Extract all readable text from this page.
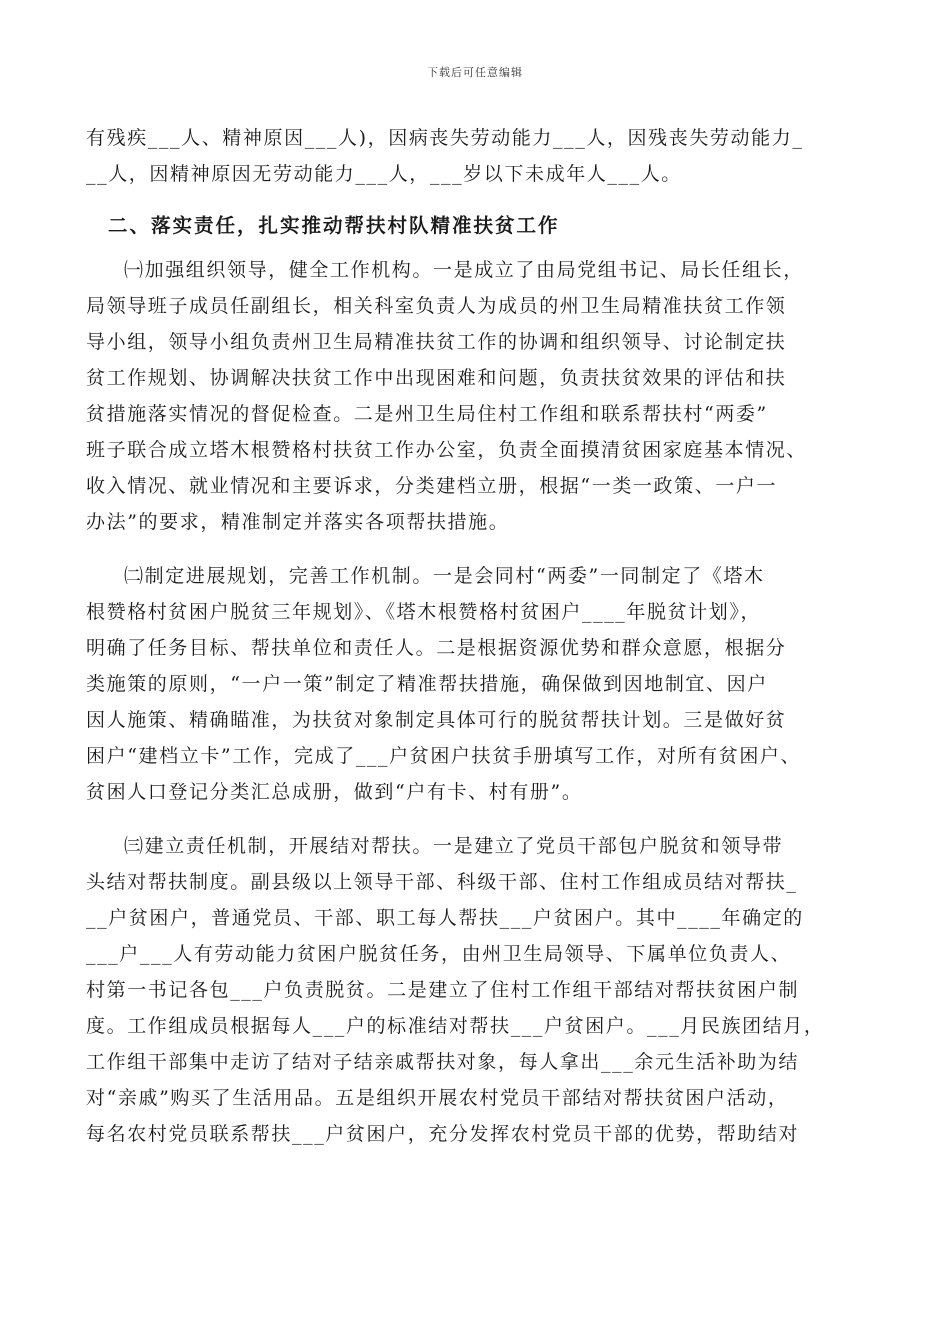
下载后可任意编辑
有残疾___人、精神原因___人)，因病丧失劳动能力___人，因残丧失劳动能力_
__人，因精神原因无劳动能力___人，___岁以下未成年人___人。
二、落实责任，扎实推动帮扶村队精准扶贫工作
㈠加强组织领导，健全工作机构。一是成立了由局党组书记、局长任组长，
局领导班子成员任副组长，相关科室负责人为成员的州卫生局精准扶贫工作领
导小组，领导小组负责州卫生局精准扶贫工作的协调和组织领导、讨论制定扶
贫工作规划、协调解决扶贫工作中出现困难和问题，负责扶贫效果的评估和扶
贫措施落实情况的督促检查。二是州卫生局住村工作组和联系帮扶村“两委”
班子联合成立塔木根赞格村扶贫工作办公室，负责全面摸清贫困家庭基本情况、
收入情况、就业情况和主要诉求，分类建档立册，根据“一类一政策、一户一
办法”的要求，精准制定并落实各项帮扶措施。
㈡制定进展规划，完善工作机制。一是会同村“两委”一同制定了《塔木
根赞格村贫困户脱贫三年规划》、《塔木根赞格村贫困户____年脱贫计划》，
明确了任务目标、帮扶单位和责任人。二是根据资源优势和群众意愿，根据分
类施策的原则，“一户一策”制定了精准帮扶措施，确保做到因地制宜、因户
因人施策、精确瞄准，为扶贫对象制定具体可行的脱贫帮扶计划。三是做好贫
困户“建档立卡”工作，完成了___户贫困户扶贫手册填写工作，对所有贫困户、
贫困人口登记分类汇总成册，做到“户有卡、村有册”。
㈢建立责任机制，开展结对帮扶。一是建立了党员干部包户脱贫和领导带
头结对帮扶制度。副县级以上领导干部、科级干部、住村工作组成员结对帮扶_
__户贫困户，普通党员、干部、职工每人帮扶___户贫困户。其中____年确定的
___户___人有劳动能力贫困户脱贫任务，由州卫生局领导、下属单位负责人、
村第一书记各包___户负责脱贫。二是建立了住村工作组干部结对帮扶贫困户制
度。工作组成员根据每人___户的标准结对帮扶___户贫困户。___月民族团结月，
工作组干部集中走访了结对子结亲戚帮扶对象，每人拿出___余元生活补助为结
对“亲戚”购买了生活用品。五是组织开展农村党员干部结对帮扶贫困户活动，
每名农村党员联系帮扶___户贫困户，充分发挥农村党员干部的优势，帮助结对
